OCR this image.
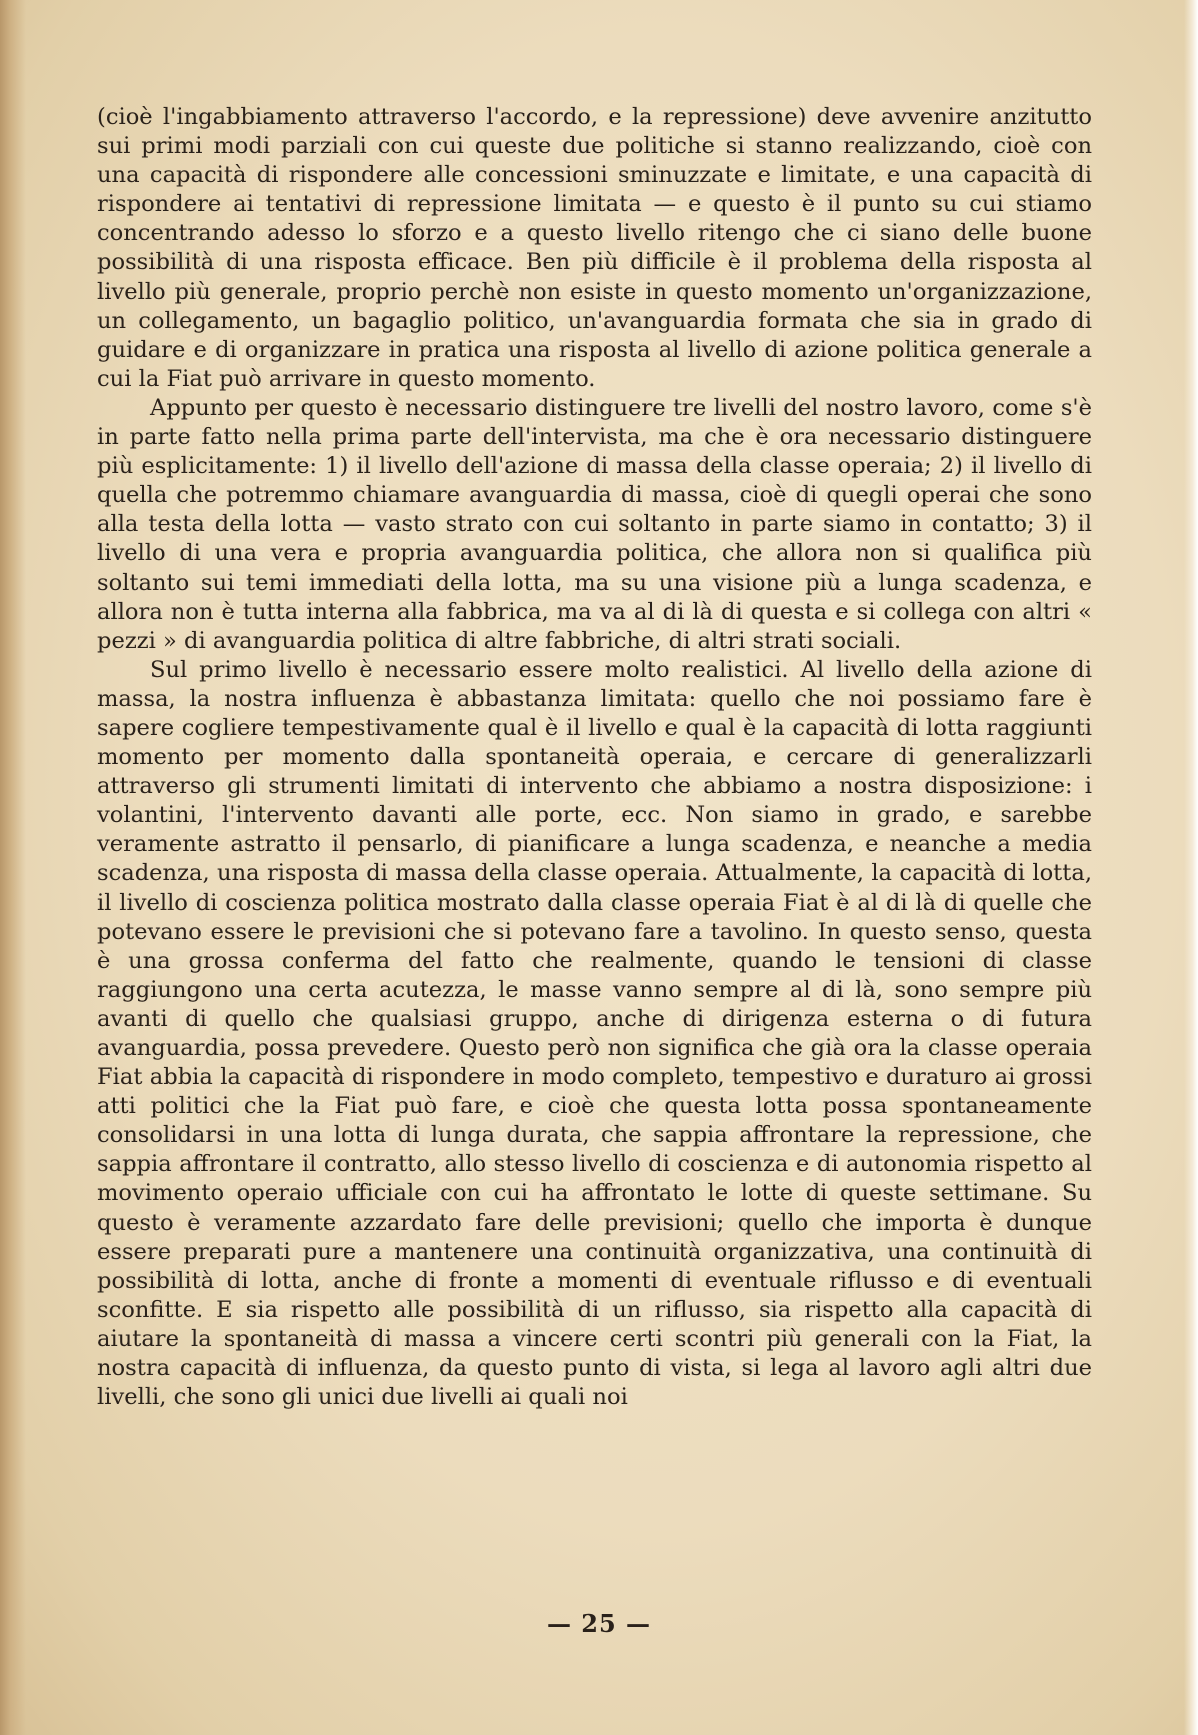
(cioè l'ingabbiamento attraverso l'accordo, e la repressione) deve avvenire anzitutto sui primi modi parziali con cui queste due politiche si stanno realizzando, cioè con una capacità di rispondere alle concessioni sminuzzate e limitate, e una capacità di rispondere ai tentativi di repressione limitata — e questo è il punto su cui stiamo concentrando adesso lo sforzo e a questo livello ritengo che ci siano delle buone possibilità di una risposta efficace. Ben più difficile è il problema della risposta al livello più generale, proprio perchè non esiste in questo momento un'organizzazione, un collegamento, un bagaglio politico, un'avanguardia formata che sia in grado di guidare e di organizzare in pratica una risposta al livello di azione politica generale a cui la Fiat può arrivare in questo momento.

Appunto per questo è necessario distinguere tre livelli del nostro lavoro, come s'è in parte fatto nella prima parte dell'intervista, ma che è ora necessario distinguere più esplicitamente: 1) il livello dell'azione di massa della classe operaia; 2) il livello di quella che potremmo chiamare avanguardia di massa, cioè di quegli operai che sono alla testa della lotta — vasto strato con cui soltanto in parte siamo in contatto; 3) il livello di una vera e propria avanguardia politica, che allora non si qualifica più soltanto sui temi immediati della lotta, ma su una visione più a lunga scadenza, e allora non è tutta interna alla fabbrica, ma va al di là di questa e si collega con altri « pezzi » di avanguardia politica di altre fabbriche, di altri strati sociali.

Sul primo livello è necessario essere molto realistici. Al livello della azione di massa, la nostra influenza è abbastanza limitata: quello che noi possiamo fare è sapere cogliere tempestivamente qual è il livello e qual è la capacità di lotta raggiunti momento per momento dalla spontaneità operaia, e cercare di generalizzarli attraverso gli strumenti limitati di intervento che abbiamo a nostra disposizione: i volantini, l'intervento davanti alle porte, ecc. Non siamo in grado, e sarebbe veramente astratto il pensarlo, di pianificare a lunga scadenza, e neanche a media scadenza, una risposta di massa della classe operaia. Attualmente, la capacità di lotta, il livello di coscienza politica mostrato dalla classe operaia Fiat è al di là di quelle che potevano essere le previsioni che si potevano fare a tavolino. In questo senso, questa è una grossa conferma del fatto che realmente, quando le tensioni di classe raggiungono una certa acutezza, le masse vanno sempre al di là, sono sempre più avanti di quello che qualsiasi gruppo, anche di dirigenza esterna o di futura avanguardia, possa prevedere. Questo però non significa che già ora la classe operaia Fiat abbia la capacità di rispondere in modo completo, tempestivo e duraturo ai grossi atti politici che la Fiat può fare, e cioè che questa lotta possa spontaneamente consolidarsi in una lotta di lunga durata, che sappia affrontare la repressione, che sappia affrontare il contratto, allo stesso livello di coscienza e di autonomia rispetto al movimento operaio ufficiale con cui ha affrontato le lotte di queste settimane. Su questo è veramente azzardato fare delle previsioni; quello che importa è dunque essere preparati pure a mantenere una continuità organizzativa, una continuità di possibilità di lotta, anche di fronte a momenti di eventuale riflusso e di eventuali sconfitte. E sia rispetto alle possibilità di un riflusso, sia rispetto alla capacità di aiutare la spontaneità di massa a vincere certi scontri più generali con la Fiat, la nostra capacità di influenza, da questo punto di vista, si lega al lavoro agli altri due livelli, che sono gli unici due livelli ai quali noi

— 25 —
